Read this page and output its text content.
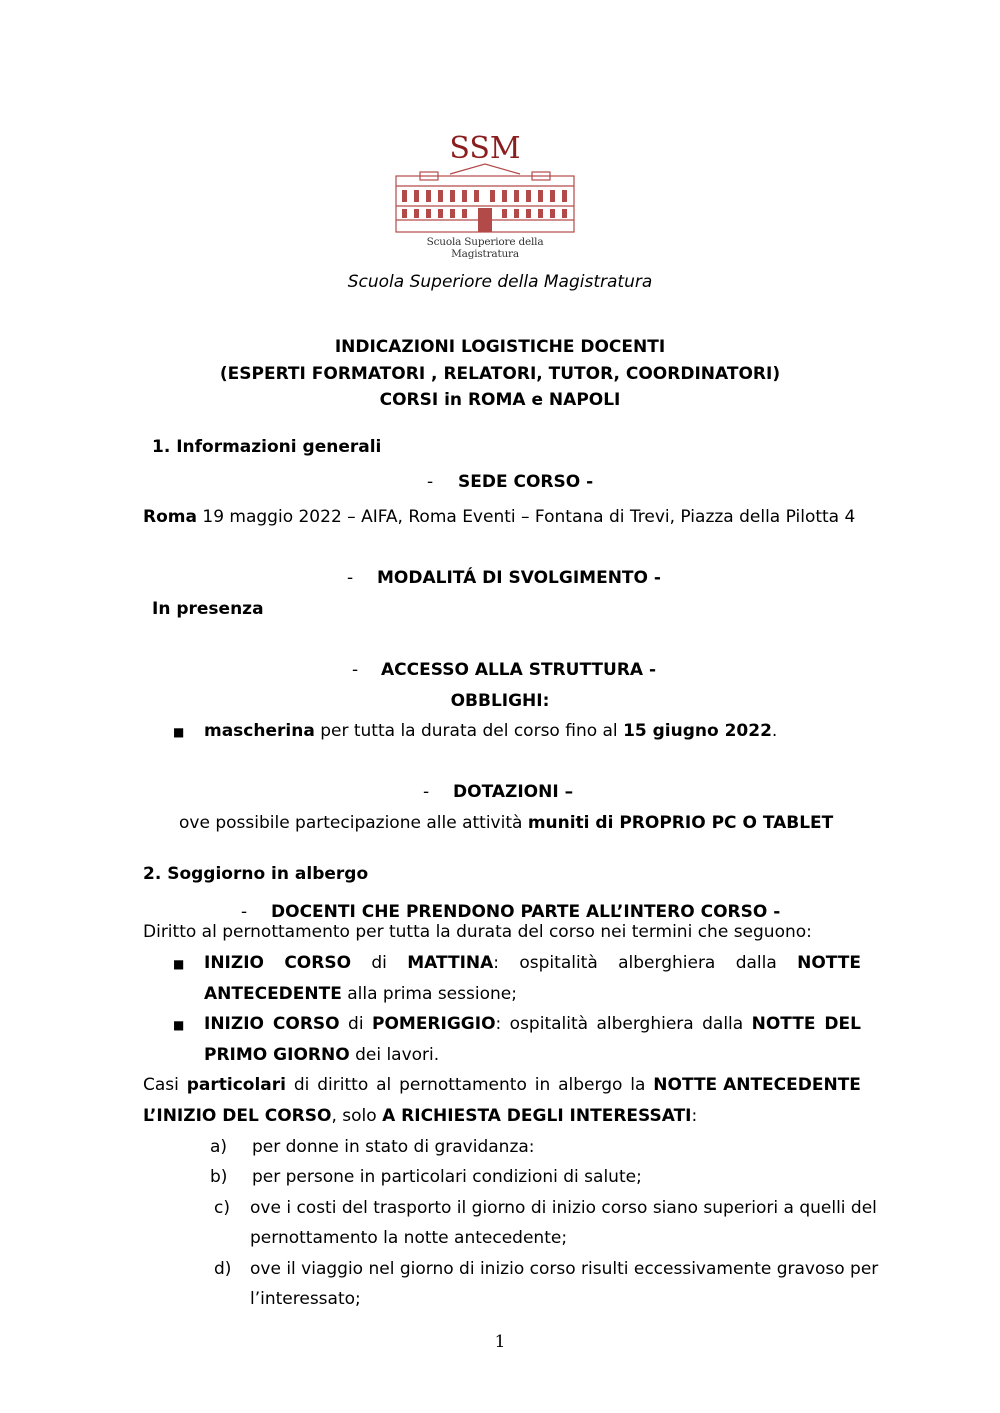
SSM
Scuola Superiore della Magistratura
Scuola Superiore della Magistratura
INDICAZIONI LOGISTICHE DOCENTI
(ESPERTI FORMATORI , RELATORI, TUTOR, COORDINATORI)
CORSI in ROMA e NAPOLI
1. Informazioni generali
- SEDE CORSO -
Roma 19 maggio 2022 – AIFA, Roma Eventi – Fontana di Trevi, Piazza della Pilotta 4
- MODALITÁ DI SVOLGIMENTO -
In presenza
- ACCESSO ALLA STRUTTURA -
OBBLIGHI:
■ mascherina per tutta la durata del corso fino al 15 giugno 2022.
- DOTAZIONI –
ove possibile partecipazione alle attività muniti di PROPRIO PC O TABLET
2. Soggiorno in albergo
- DOCENTI CHE PRENDONO PARTE ALL’INTERO CORSO -
Diritto al pernottamento per tutta la durata del corso nei termini che seguono:
■ INIZIO CORSO di MATTINA: ospitalità alberghiera dalla NOTTE
ANTECEDENTE alla prima sessione;
■ INIZIO CORSO di POMERIGGIO: ospitalità alberghiera dalla NOTTE DEL
PRIMO GIORNO dei lavori.
Casi particolari di diritto al pernottamento in albergo la NOTTE ANTECEDENTE
L’INIZIO DEL CORSO, solo A RICHIESTA DEGLI INTERESSATI:
a) per donne in stato di gravidanza:
b) per persone in particolari condizioni di salute;
c) ove i costi del trasporto il giorno di inizio corso siano superiori a quelli del
pernottamento la notte antecedente;
d) ove il viaggio nel giorno di inizio corso risulti eccessivamente gravoso per
l’interessato;
1
